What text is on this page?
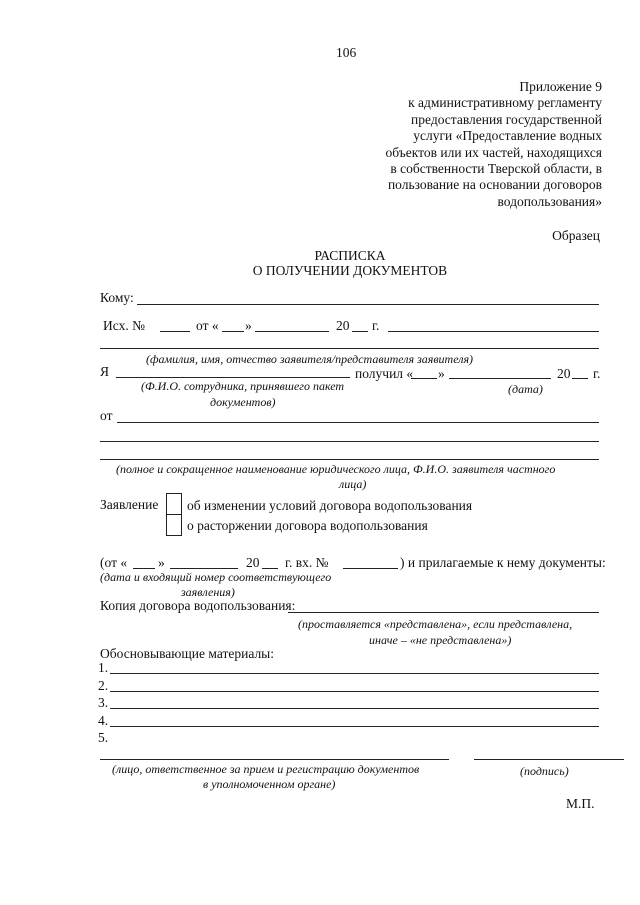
106
Приложение 9
к административному регламенту
предоставления государственной
услуги «Предоставление водных
объектов или их частей, находящихся
в собственности Тверской области, в
пользование на основании договоров
водопользования»
Образец
РАСПИСКА
О ПОЛУЧЕНИИ ДОКУМЕНТОВ
Кому:
Исх. №	от « »	20 г.
(фамилия, имя, отчество заявителя/представителя заявителя)
Я	получил « »	20 г.
(Ф.И.О. сотрудника, принявшего пакет
документов)
(дата)
от
(полное и сокращенное наименование юридического лица, Ф.И.О. заявителя частного
лица)
Заявление об изменении условий договора водопользования
о расторжении договора водопользования
(от « »	20 г. вх. №	) и прилагаемые к нему документы:
(дата и входящий номер соответствующего
заявления)
Копия договора водопользования:
(проставляется «представлена», если представлена,
иначе – «не представлена»)
Обосновывающие материалы:
1.
2.
3.
4.
5.
(лицо, ответственное за прием и регистрацию документов
в уполномоченном органе)
(подпись)
М.П.
